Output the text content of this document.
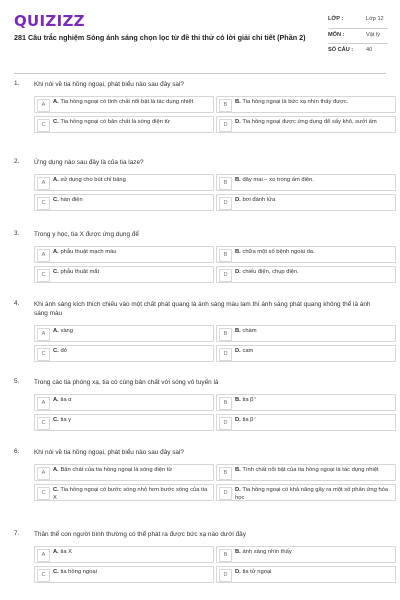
QUIZIZZ	LỚP :	Lớp 12
MÔN :	Vật lý
SỐ CÂU : 40
281 Câu trắc nghiệm Sóng ánh sáng chọn lọc từ đề thi thử có lời giải chi tiết (Phần 2)
1. Khi nói về tia hồng ngoại, phát biểu nào sau đây sai?
A	A. Tia hồng ngoại có tính chất nổi bật là tác dụng nhiệt	B	B. Tia hồng ngoại là bức xạ nhìn thấy được.
C	C. Tia hồng ngoại có bản chất là sóng điện từ	D	D. Tia hồng ngoại được ứng dụng để sấy khô, sưởi ấm
2. Ứng dụng nào sau đây là của tia laze?
A	A. sử dụng cho bút chỉ bảng	B	B. đây mai – xo trong ấm điện.
C	C. hàn điện	D	D. bơi đánh lửa
3. Trong y học, tia X được ứng dụng để
A	A. phẫu thuật mạch máu	B	B. chữa một số bệnh ngoài da.
C	C. phẫu thuật mắt	D	D. chiếu điện, chụp điện.
4. Khi ánh sáng kích thích chiếu vào một chất phát quang là ánh sáng màu lam thì ánh sáng phát quang không thể là ánh sáng màu
A	A. vàng	B	B. chàm
C	C. đỏ	D	D. cam
5. Trong các tia phóng xạ, tia có cùng bản chất với sóng vô tuyến là
A	A. tia α	B	B. tia β⁺
C	C. tia γ	D	D. tia β⁻
6. Khi nói về tia hồng ngoại, phát biểu nào sau đây sai?
A	A. Bản chất của tia hồng ngoại là sóng điện từ	B	B. Tính chất nổi bật của tia hồng ngoại là tác dụng nhiệt
C	C. Tia hồng ngoại có bước sóng nhỏ hơn bước sóng của tia X
D	D. Tia hồng ngoại có khả năng gây ra một số phản ứng hóa học
7. Thân thể con người bình thường có thể phát ra được bức xạ nào dưới đây
A	A. tia X	B	B. ánh sáng nhìn thấy
C	C. tia hồng ngoại	D	D. tia tử ngoại
